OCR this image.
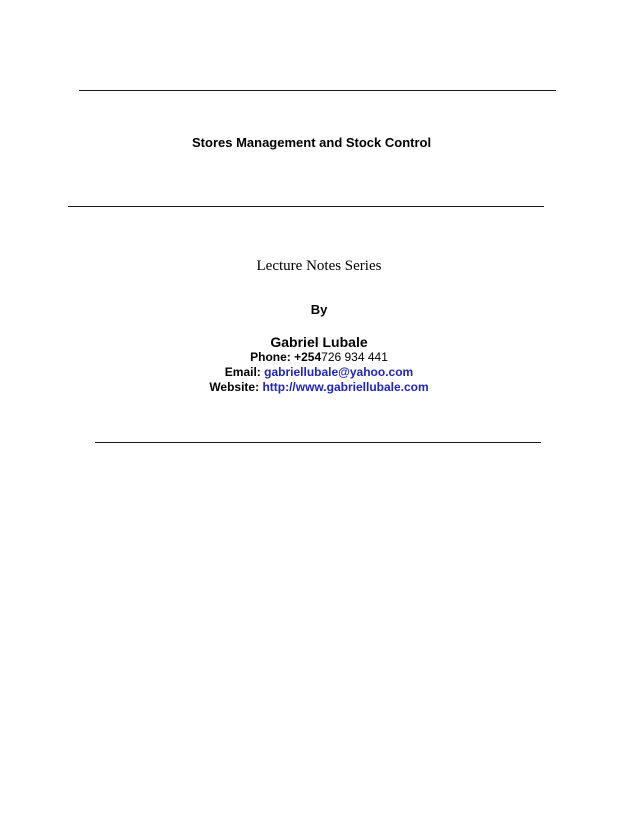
Stores Management and Stock Control
Lecture Notes Series
By
Gabriel Lubale
Phone: +254726 934 441
Email: gabriellubale@yahoo.com
Website: http://www.gabriellubale.com
